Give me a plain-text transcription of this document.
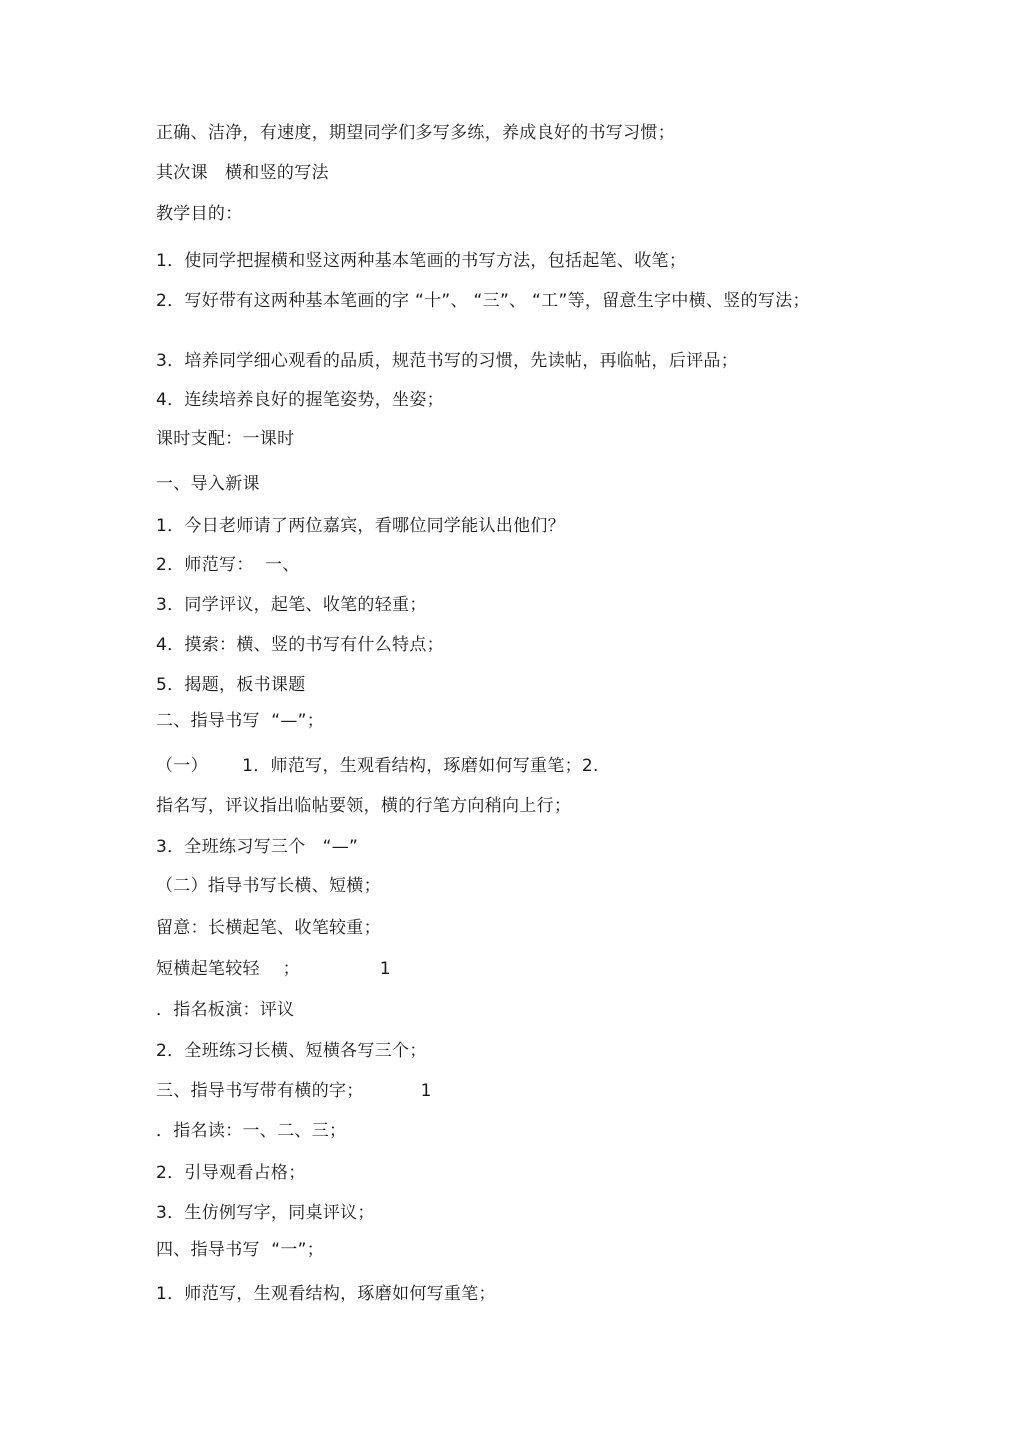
正确、洁净，有速度，期望同学们多写多练，养成良好的书写习惯；
其次课   横和竖的写法
教学目的：
1．使同学把握横和竖这两种基本笔画的书写方法，包括起笔、收笔；
2．写好带有这两种基本笔画的字 “十”、 “三”、 “工”等，留意生字中横、竖的写法；
3．培养同学细心观看的品质，规范书写的习惯，先读帖，再临帖，后评品；
4．连续培养良好的握笔姿势，坐姿；
课时支配：一课时
一、导入新课
1．今日老师请了两位嘉宾，看哪位同学能认出他们？
2．师范写：  一、
3．同学评议，起笔、收笔的轻重；
4．摸索：横、竖的书写有什么特点；
5．揭题，板书课题
二、指导书写  “—”；
（一）      1．师范写，生观看结构，琢磨如何写重笔；2.
指名写，评议指出临帖要领，横的行笔方向稍向上行；
3．全班练习写三个   “—”
（二）指导书写长横、短横；
留意：长横起笔、收笔较重；
短横起笔较轻    ；              1
．指名板演：评议
2．全班练习长横、短横各写三个；
三、指导书写带有横的字；          1
．指名读：一、二、三；
2．引导观看占格；
3．生仿例写字，同桌评议；
四、指导书写  “一”；
1．师范写，生观看结构，琢磨如何写重笔；
